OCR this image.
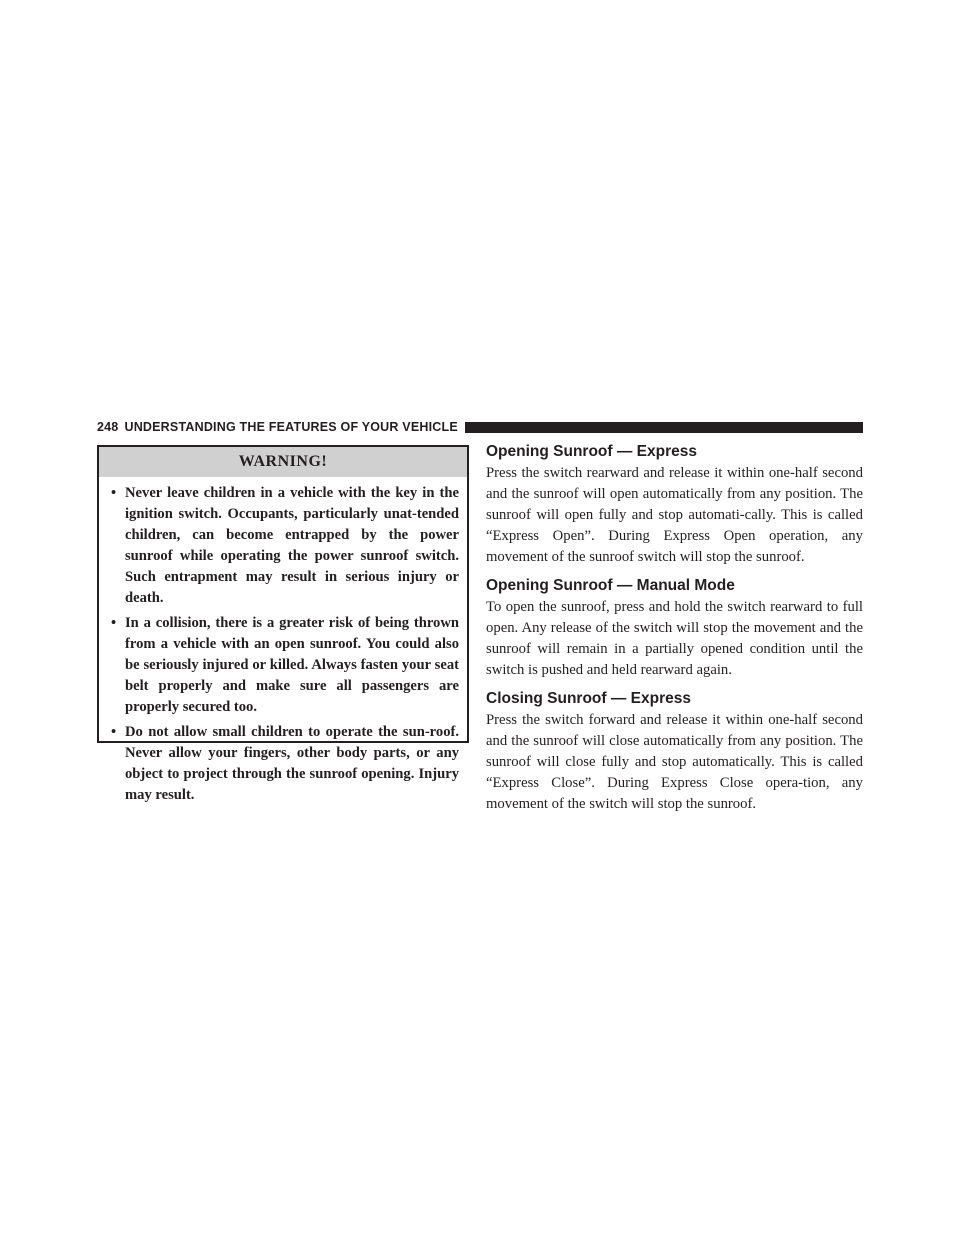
248 UNDERSTANDING THE FEATURES OF YOUR VEHICLE
WARNING!
• Never leave children in a vehicle with the key in the ignition switch. Occupants, particularly unat-tended children, can become entrapped by the power sunroof while operating the power sunroof switch. Such entrapment may result in serious injury or death.
• In a collision, there is a greater risk of being thrown from a vehicle with an open sunroof. You could also be seriously injured or killed. Always fasten your seat belt properly and make sure all passengers are properly secured too.
• Do not allow small children to operate the sun-roof. Never allow your fingers, other body parts, or any object to project through the sunroof opening. Injury may result.
Opening Sunroof — Express

Press the switch rearward and release it within one-half second and the sunroof will open automatically from any position. The sunroof will open fully and stop automati-cally. This is called “Express Open”. During Express Open operation, any movement of the sunroof switch will stop the sunroof.

Opening Sunroof — Manual Mode

To open the sunroof, press and hold the switch rearward to full open. Any release of the switch will stop the movement and the sunroof will remain in a partially opened condition until the switch is pushed and held rearward again.

Closing Sunroof — Express

Press the switch forward and release it within one-half second and the sunroof will close automatically from any position. The sunroof will close fully and stop automatically. This is called “Express Close”. During Express Close opera-tion, any movement of the switch will stop the sunroof.
